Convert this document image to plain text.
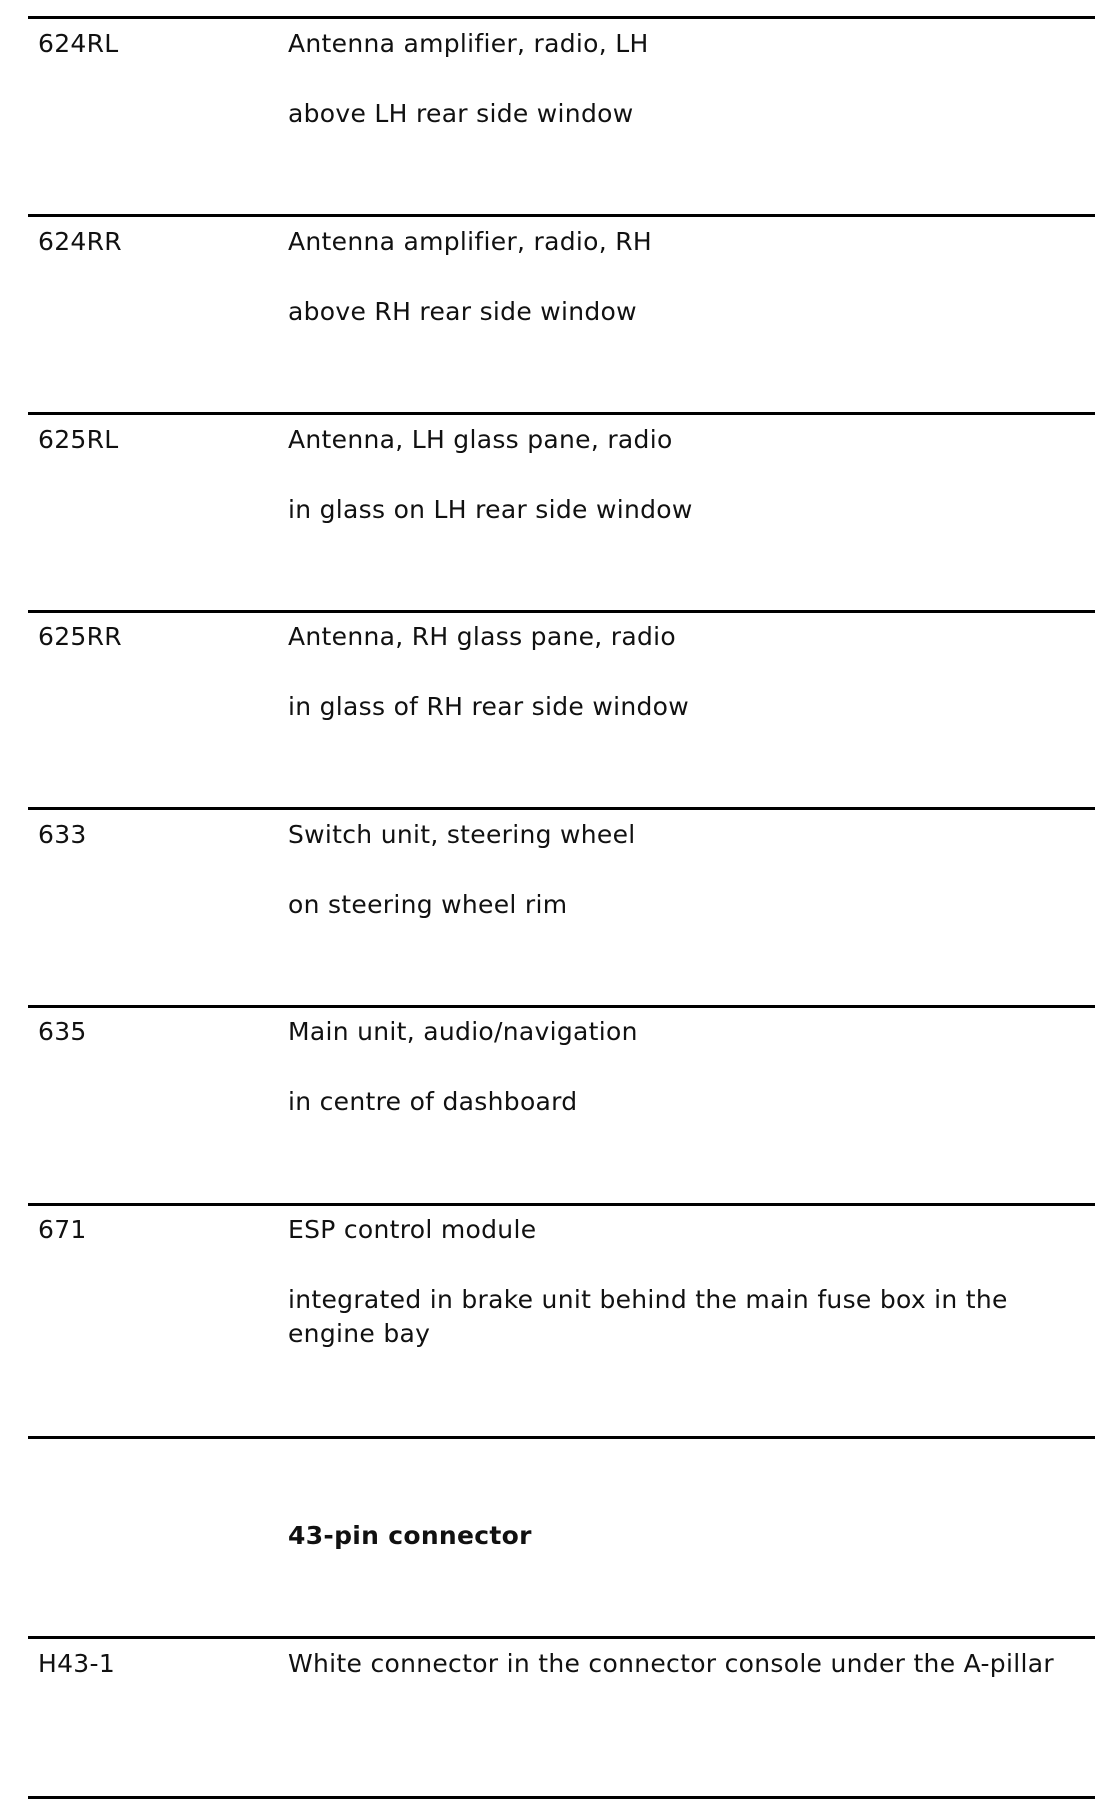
624RL	Antenna amplifier, radio, LH
above LH rear side window
624RR	Antenna amplifier, radio, RH
above RH rear side window
625RL	Antenna, LH glass pane, radio
in glass on LH rear side window
625RR	Antenna, RH glass pane, radio
in glass of RH rear side window
633	Switch unit, steering wheel
on steering wheel rim
635	Main unit, audio/navigation
in centre of dashboard
671	ESP control module
integrated in brake unit behind the main fuse box in the engine bay
43-pin connector
H43-1	White connector in the connector console under the A-pillar
